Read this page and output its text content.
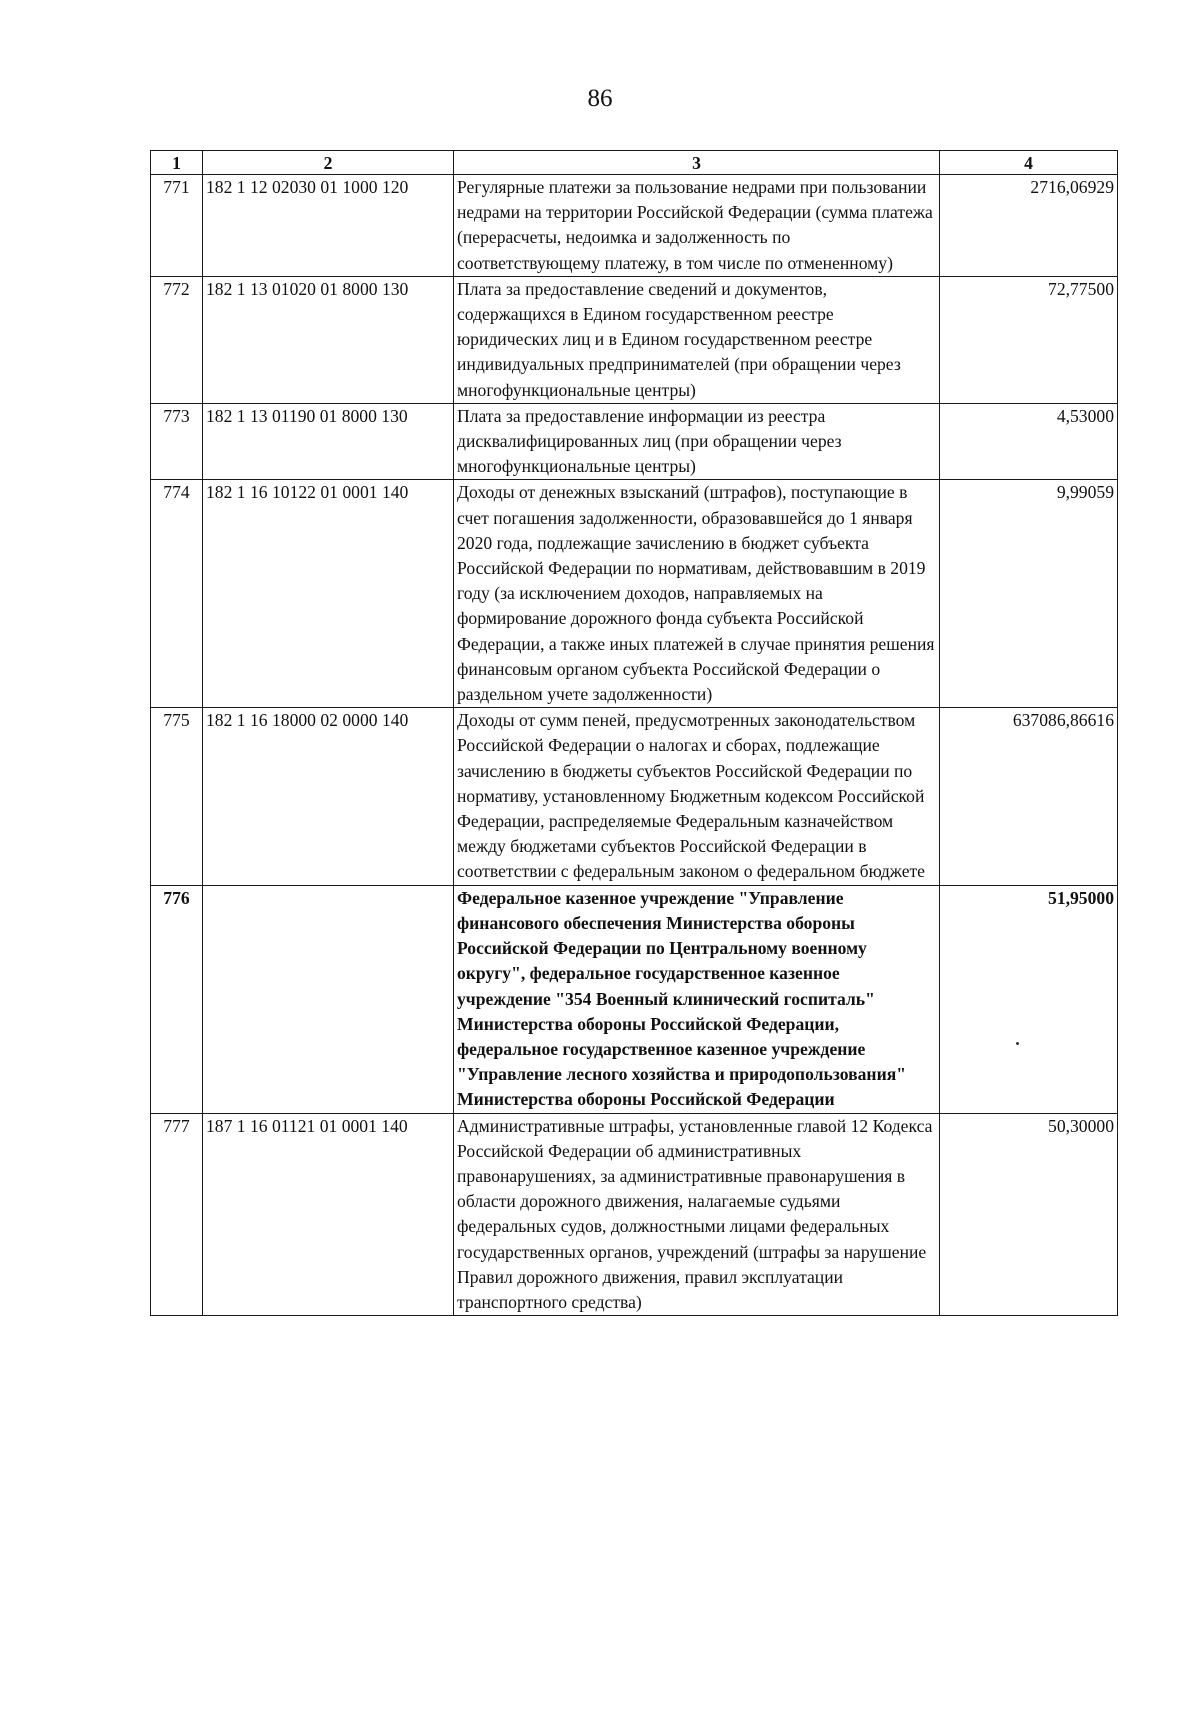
86
1	2	3	4
771	182 1 12 02030 01 1000 120	Регулярные платежи за пользование недрами при пользовании недрами на территории Российской Федерации (сумма платежа (перерасчеты, недоимка и задолженность по соответствующему платежу, в том числе по отмененному)	2716,06929
772	182 1 13 01020 01 8000 130	Плата за предоставление сведений и документов, содержащихся в Едином государственном реестре юридических лиц и в Едином государственном реестре индивидуальных предпринимателей (при обращении через многофункциональные центры)	72,77500
773	182 1 13 01190 01 8000 130	Плата за предоставление информации из реестра дисквалифицированных лиц (при обращении через многофункциональные центры)	4,53000
774	182 1 16 10122 01 0001 140	Доходы от денежных взысканий (штрафов), поступающие в счет погашения задолженности, образовавшейся до 1 января 2020 года, подлежащие зачислению в бюджет субъекта Российской Федерации по нормативам, действовавшим в 2019 году (за исключением доходов, направляемых на формирование дорожного фонда субъекта Российской Федерации, а также иных платежей в случае принятия решения финансовым органом субъекта Российской Федерации о раздельном учете задолженности)	9,99059
775	182 1 16 18000 02 0000 140	Доходы от сумм пеней, предусмотренных законодательством Российской Федерации о налогах и сборах, подлежащие зачислению в бюджеты субъектов Российской Федерации по нормативу, установленному Бюджетным кодексом Российской Федерации, распределяемые Федеральным казначейством между бюджетами субъектов Российской Федерации в соответствии с федеральным законом о федеральном бюджете	637086,86616
776		Федеральное казенное учреждение "Управление финансового обеспечения Министерства обороны Российской Федерации по Центральному военному округу", федеральное государственное казенное учреждение "354 Военный клинический госпиталь" Министерства обороны Российской Федерации, федеральное государственное казенное учреждение "Управление лесного хозяйства и природопользования" Министерства обороны Российской Федерации	51,95000
777	187 1 16 01121 01 0001 140	Административные штрафы, установленные главой 12 Кодекса Российской Федерации об административных правонарушениях, за административные правонарушения в области дорожного движения, налагаемые судьями федеральных судов, должностными лицами федеральных государственных органов, учреждений (штрафы за нарушение Правил дорожного движения, правил эксплуатации транспортного средства)	50,30000
